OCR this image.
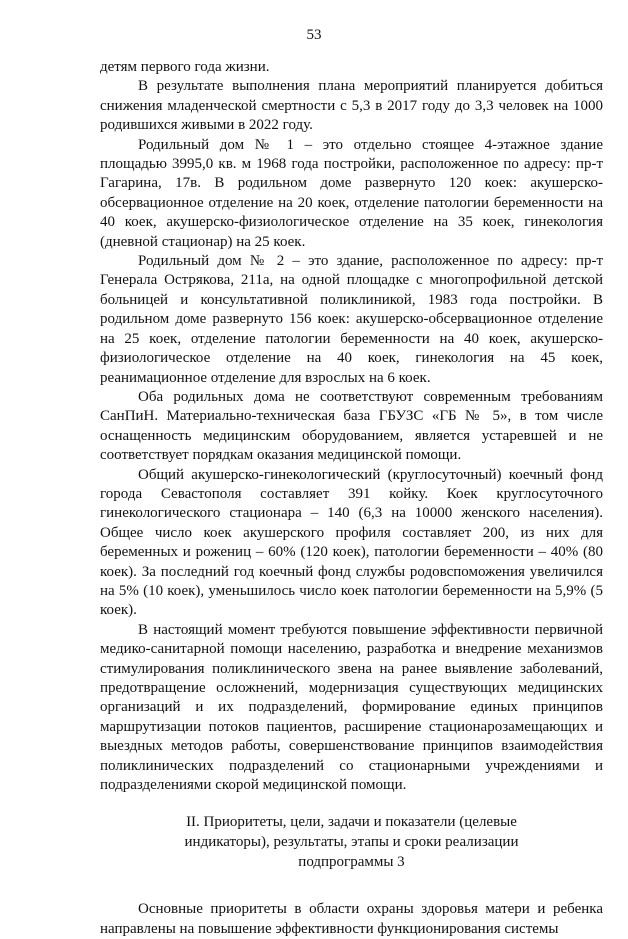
53

детям первого года жизни.

В результате выполнения плана мероприятий планируется добиться снижения младенческой смертности с 5,3 в 2017 году до 3,3 человек на 1000 родившихся живыми в 2022 году.

Родильный дом № 1 – это отдельно стоящее 4-этажное здание площадью 3995,0 кв. м 1968 года постройки, расположенное по адресу: пр-т Гагарина, 17в. В родильном доме развернуто 120 коек: акушерско-обсервационное отделение на 20 коек, отделение патологии беременности на 40 коек, акушерско-физиологическое отделение на 35 коек, гинекология (дневной стационар) на 25 коек.

Родильный дом № 2 – это здание, расположенное по адресу: пр-т Генерала Острякова, 211а, на одной площадке с многопрофильной детской больницей и консультативной поликлиникой, 1983 года постройки. В родильном доме развернуто 156 коек: акушерско-обсервационное отделение на 25 коек, отделение патологии беременности на 40 коек, акушерско-физиологическое отделение на 40 коек, гинекология на 45 коек, реанимационное отделение для взрослых на 6 коек.

Оба родильных дома не соответствуют современным требованиям СанПиН. Материально-техническая база ГБУЗС «ГБ № 5», в том числе оснащенность медицинским оборудованием, является устаревшей и не соответствует порядкам оказания медицинской помощи.

Общий акушерско-гинекологический (круглосуточный) коечный фонд города Севастополя составляет 391 койку. Коек круглосуточного гинекологического стационара – 140 (6,3 на 10000 женского населения). Общее число коек акушерского профиля составляет 200, из них для беременных и рожениц – 60% (120 коек), патологии беременности – 40% (80 коек). За последний год коечный фонд службы родовспоможения увеличился на 5% (10 коек), уменьшилось число коек патологии беременности на 5,9% (5 коек).

В настоящий момент требуются повышение эффективности первичной медико-санитарной помощи населению, разработка и внедрение механизмов стимулирования поликлинического звена на ранее выявление заболеваний, предотвращение осложнений, модернизация существующих медицинских организаций и их подразделений, формирование единых принципов маршрутизации потоков пациентов, расширение стационарозамещающих и выездных методов работы, совершенствование принципов взаимодействия поликлинических подразделений со стационарными учреждениями и подразделениями скорой медицинской помощи.

II. Приоритеты, цели, задачи и показатели (целевые
индикаторы), результаты, этапы и сроки реализации
подпрограммы 3

Основные приоритеты в области охраны здоровья матери и ребенка направлены на повышение эффективности функционирования системы
